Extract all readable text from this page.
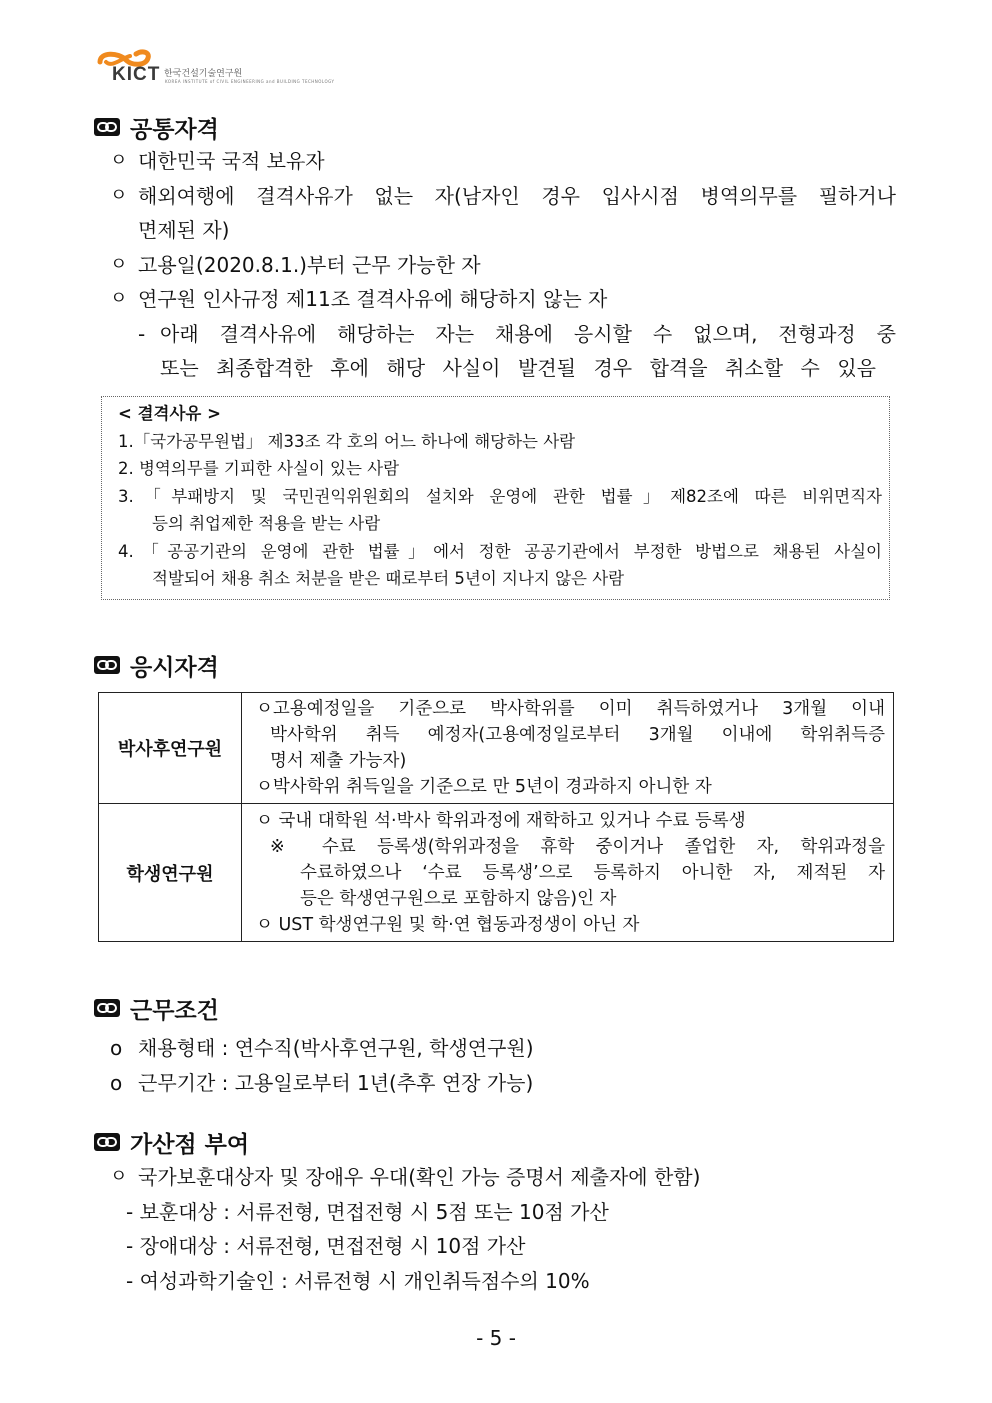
KICT 한국건설기술연구원
KOREA INSTITUTE of CIVIL ENGINEERING and BUILDING TECHNOLOGY
공통자격
ㅇ 대한민국 국적 보유자
ㅇ 해외여행에 결격사유가 없는 자(남자인 경우 입사시점 병역의무를 필하거나
면제된 자)
ㅇ 고용일(2020.8.1.)부터 근무 가능한 자
ㅇ 연구원 인사규정 제11조 결격사유에 해당하지 않는 자
- 아래 결격사유에 해당하는 자는 채용에 응시할 수 없으며, 전형과정 중
또는 최종합격한 후에 해당 사실이 발견될 경우 합격을 취소할 수 있음
< 결격사유 >
1.「국가공무원법」 제33조 각 호의 어느 하나에 해당하는 사람
2. 병역의무를 기피한 사실이 있는 사람
3.「부패방지 및 국민권익위원회의 설치와 운영에 관한 법률」제82조에 따른 비위면직자
등의 취업제한 적용을 받는 사람
4.「공공기관의 운영에 관한 법률」에서 정한 공공기관에서 부정한 방법으로 채용된 사실이
적발되어 채용 취소 처분을 받은 때로부터 5년이 지나지 않은 사람
응시자격
박사후연구원	ㅇ고용예정일을 기준으로 박사학위를 이미 취득하였거나 3개월 이내
박사학위 취득 예정자(고용예정일로부터 3개월 이내에 학위취득증
명서 제출 가능자)
ㅇ박사학위 취득일을 기준으로 만 5년이 경과하지 아니한 자

학생연구원	ㅇ 국내 대학원 석·박사 학위과정에 재학하고 있거나 수료 등록생
※ 수료 등록생(학위과정을 휴학 중이거나 졸업한 자, 학위과정을
수료하였으나 ‘수료 등록생’으로 등록하지 아니한 자, 제적된 자
등은 학생연구원으로 포함하지 않음)인 자
ㅇ UST 학생연구원 및 학·연 협동과정생이 아닌 자
근무조건
o 채용형태 : 연수직(박사후연구원, 학생연구원)
o 근무기간 : 고용일로부터 1년(추후 연장 가능)
가산점 부여
ㅇ 국가보훈대상자 및 장애우 우대(확인 가능 증명서 제출자에 한함)
- 보훈대상 : 서류전형, 면접전형 시 5점 또는 10점 가산
- 장애대상 : 서류전형, 면접전형 시 10점 가산
- 여성과학기술인 : 서류전형 시 개인취득점수의 10%
- 5 -
